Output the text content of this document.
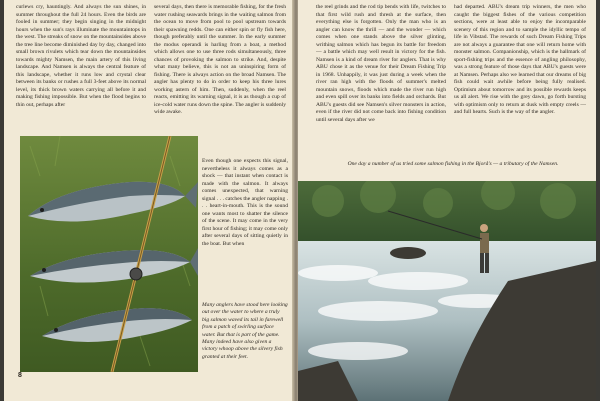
curlews cry, hauntingly. And always the sun shines, in summer throughout the full 24 hours. Even the birds are fooled in summer; they begin singing in the midnight hours when the sun's rays illuminate the mountaintops in the west. The streaks of snow on the mountainsides above the tree line become diminished day by day, changed into small brown rivulets which tear down the mountainsides towards mighty Namsen, the main artery of this living landscape. And Namsen is always the central feature of this landscape, whether it runs low and crystal clear between its banks or rushes a full 3-feet above its normal level, its thick brown waters carrying all before it and making fishing impossible. But when the flood begins to thin out, perhaps after

several days, then there is memorable fishing, for the fresh water rushing seawards brings in the waiting salmon from the ocean to move from pool to pool upstream towards their spawning redds. One can either spin or fly fish here, though preferably until the summer. In the early summer the modus operandi is harling from a boat, a method which allows one to use three rods simultaneously, three chances of provoking the salmon to strike. And, despite what many believe, this is not an uninspiring form of fishing. There is always action on the broad Namsen. The angler has plenty to do in order to keep his three lures working astern of him. Then, suddenly, when the reel reacts, emitting its warning signal, it is as though a cup of ice-cold water runs down the spine. The angler is suddenly wide awake.

Even though one expects this signal, nevertheless it always comes as a shock — that instant when contact is made with the salmon. It always comes unexpected, that warning signal . . . catches the angler napping . . . heart-in-mouth. This is the sound one wants most to shatter the silence of the scene. It may come in the very first hour of fishing; it may come only after several days of sitting quietly in the boat. But when

Many anglers have stood here looking out over the water to where a truly big salmon waved its tail in farewell from a patch of swirling surface water. But that is part of the game. Many indeed have also given a victory whoop above the silvery fish granted at their feet.
8

the reel grinds and the rod tip bends with life, twitches to that first wild rush and thresh at the surface, then everything else is forgotten. Only the man who is an angler can know the thrill — and the wonder — which comes when one stands above the silver glinting, writhing salmon which has begun its battle for freedom — a battle which may well result in victory for the fish. Namsen is a kind of dream river for anglers. That is why ABU chose it as the venue for their Dream Fishing Trip in 1968. Unhappily, it was just during a week when the river ran high with the floods of summer's melted mountain snows, floods which made the river run high and even spill over its banks into fields and orchards. But ABU's guests did see Namsen's silver monsters in action, even if the river did not come back into fishing condition until several days after we

had departed. ABU's dream trip winners, the men who caught the biggest fishes of the various competition sections, were at least able to enjoy the incomparable scenery of this region and to sample the idyllic tempo of life in Vibstad. The rewards of such Dream Fishing Trips are not always a guarantee that one will return home with monster salmon. Companionship, which is the hallmark of sport-fishing trips and the essence of angling philosophy, was a strong feature of those days that ABU's guests were at Namsen. Perhaps also we learned that our dreams of big fish could wait awhile before being fully realised. Optimism about tomorrow and its possible rewards keeps us all alert. We rise with the grey dawn, go forth bursting with optimism only to return at dusk with empty creels — and full hearts. Such is the way of the angler.

One day a number of us tried some salmon fishing in the Bjorå's — a tributary of the Namsen.
